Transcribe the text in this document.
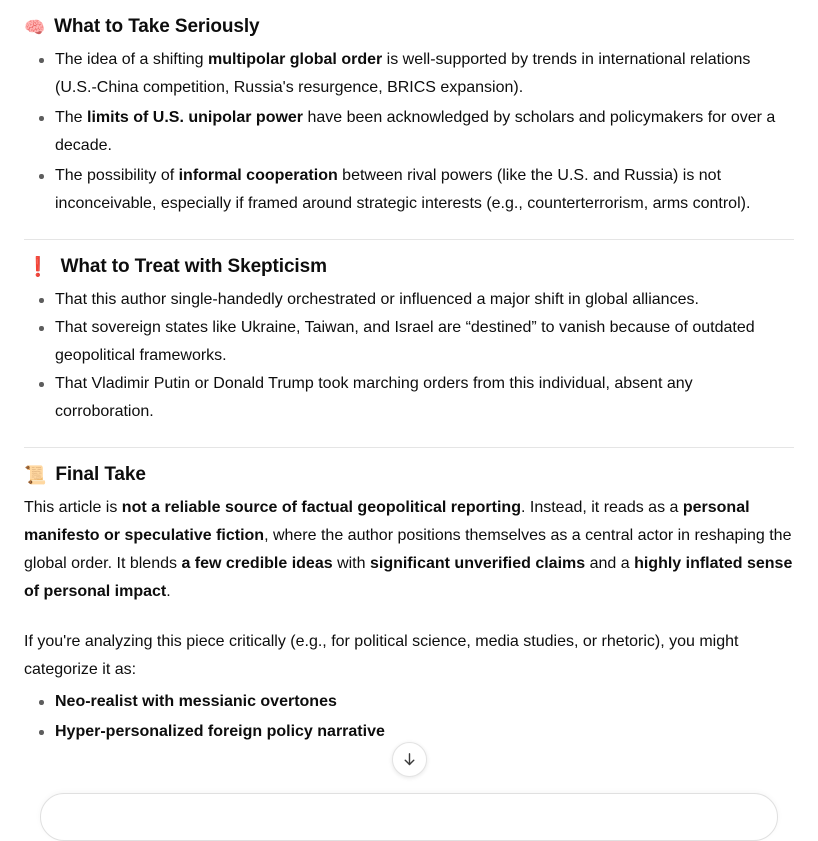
🧠 What to Take Seriously
The idea of a shifting multipolar global order is well-supported by trends in international relations (U.S.-China competition, Russia's resurgence, BRICS expansion).
The limits of U.S. unipolar power have been acknowledged by scholars and policymakers for over a decade.
The possibility of informal cooperation between rival powers (like the U.S. and Russia) is not inconceivable, especially if framed around strategic interests (e.g., counterterrorism, arms control).
❗ What to Treat with Skepticism
That this author single-handedly orchestrated or influenced a major shift in global alliances.
That sovereign states like Ukraine, Taiwan, and Israel are “destined” to vanish because of outdated geopolitical frameworks.
That Vladimir Putin or Donald Trump took marching orders from this individual, absent any corroboration.
📜 Final Take

This article is not a reliable source of factual geopolitical reporting. Instead, it reads as a personal manifesto or speculative fiction, where the author positions themselves as a central actor in reshaping the global order. It blends a few credible ideas with significant unverified claims and a highly inflated sense of personal impact.

If you're analyzing this piece critically (e.g., for political science, media studies, or rhetoric), you might categorize it as:

Neo-realist with messianic overtones
Hyper-personalized foreign policy narrative
